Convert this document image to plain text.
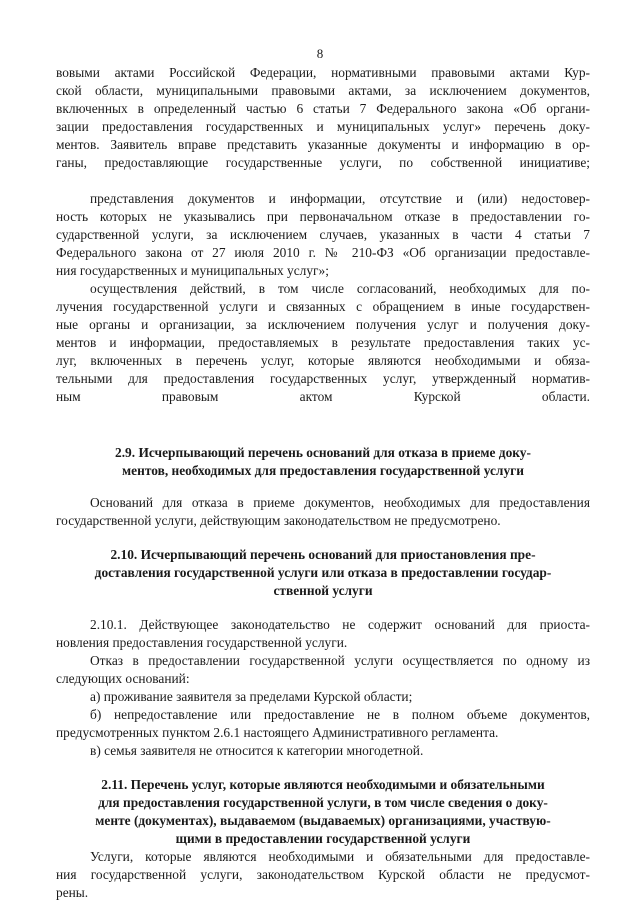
8
вовыми актами Российской Федерации, нормативными правовыми актами Кур-
ской области, муниципальными правовыми актами, за исключением документов,
включенных в определенный частью 6 статьи 7 Федерального закона «Об органи-
зации предоставления государственных и муниципальных услуг» перечень доку-
ментов. Заявитель вправе представить указанные документы и информацию в ор-
ганы, предоставляющие государственные услуги, по собственной инициативе;
представления документов и информации, отсутствие и (или) недостовер-
ность которых не указывались при первоначальном отказе в предоставлении го-
сударственной услуги, за исключением случаев, указанных в части 4 статьи 7
Федерального закона от 27 июля 2010 г. № 210-ФЗ «Об организации предоставле-
ния государственных и муниципальных услуг»;
осуществления действий, в том числе согласований, необходимых для по-
лучения государственной услуги и связанных с обращением в иные государствен-
ные органы и организации, за исключением получения услуг и получения доку-
ментов и информации, предоставляемых в результате предоставления таких ус-
луг, включенных в перечень услуг, которые являются необходимыми и обяза-
тельными для предоставления государственных услуг, утвержденный норматив-
ным правовым актом Курской области.
2.9. Исчерпывающий перечень оснований для отказа в приеме доку-
ментов, необходимых для предоставления государственной услуги
Оснований для отказа в приеме документов, необходимых для предоставления
государственной услуги, действующим законодательством не предусмотрено.
2.10. Исчерпывающий перечень оснований для приостановления пре-
доставления государственной услуги или отказа в предоставлении государ-
ственной услуги
2.10.1. Действующее законодательство не содержит оснований для приоста-
новления предоставления государственной услуги.
Отказ в предоставлении государственной услуги осуществляется по одному из
следующих оснований:
а) проживание заявителя за пределами Курской области;
б) непредоставление или предоставление не в полном объеме документов,
предусмотренных пунктом 2.6.1 настоящего Административного регламента.
в) семья заявителя не относится к категории многодетной.
2.11. Перечень услуг, которые являются необходимыми и обязательными
для предоставления государственной услуги, в том числе сведения о доку-
менте (документах), выдаваемом (выдаваемых) организациями, участвую-
щими в предоставлении государственной услуги
Услуги, которые являются необходимыми и обязательными для предоставле-
ния государственной услуги, законодательством Курской области не предусмот-
рены.
